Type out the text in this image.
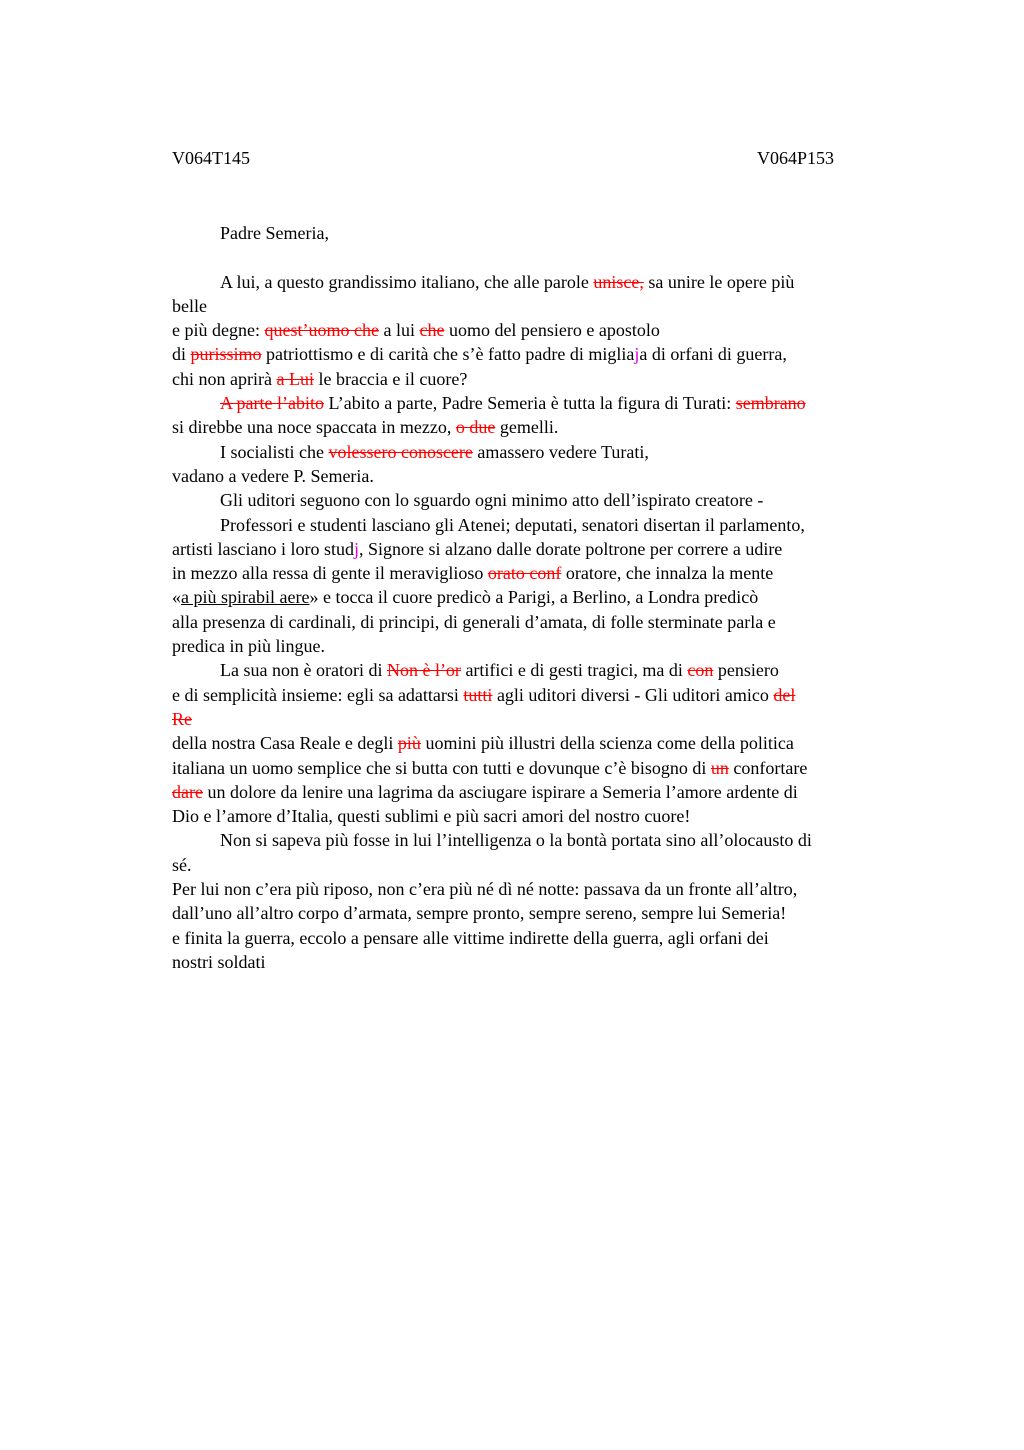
V064T145	V064P153

Padre Semeria,

A lui, a questo grandissimo italiano, che alle parole unisce, sa unire le opere più

belle

e più degne: quest’uomo che a lui che uomo del pensiero e apostolo

di purissimo patriottismo e di carità che s’è fatto padre di migliaja di orfani di guerra,

chi non aprirà a Lui le braccia e il cuore?

A parte l’abito L’abito a parte, Padre Semeria è tutta la figura di Turati: sembrano

si direbbe una noce spaccata in mezzo, o due gemelli.

I socialisti che volessero conoscere amassero vedere Turati,

vadano a vedere P. Semeria.

Gli uditori seguono con lo sguardo ogni minimo atto dell’ispirato creatore -

Professori e studenti lasciano gli Atenei; deputati, senatori disertan il parlamento,

artisti lasciano i loro studj, Signore si alzano dalle dorate poltrone per correre a udire

in mezzo alla ressa di gente il meraviglioso orato conf oratore, che innalza la mente

«a più spirabil aere» e tocca il cuore predicò a Parigi, a Berlino, a Londra predicò

alla presenza di cardinali, di principi, di generali d’amata, di folle sterminate parla e

predica in più lingue.

La sua non è oratori di Non è l’or artifici e di gesti tragici, ma di con pensiero

e di semplicità insieme: egli sa adattarsi tutti agli uditori diversi - Gli uditori amico del

Re

della nostra Casa Reale e degli più uomini più illustri della scienza come della politica

italiana un uomo semplice che si butta con tutti e dovunque c’è bisogno di un confortare

dare un dolore da lenire una lagrima da asciugare ispirare a Semeria l’amore ardente di

Dio e l’amore d’Italia, questi sublimi e più sacri amori del nostro cuore!

Non si sapeva più fosse in lui l’intelligenza o la bontà portata sino all’olocausto di

sé.

Per lui non c’era più riposo, non c’era più né dì né notte: passava da un fronte all’altro,

dall’uno all’altro corpo d’armata, sempre pronto, sempre sereno, sempre lui Semeria!

e finita la guerra, eccolo a pensare alle vittime indirette della guerra, agli orfani dei

nostri soldati
